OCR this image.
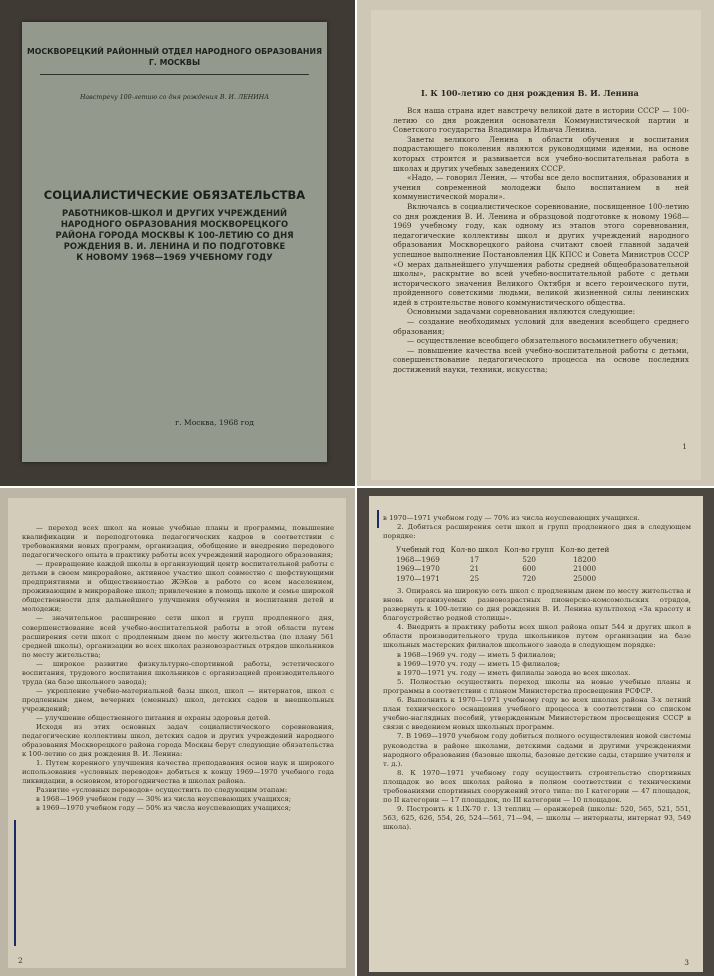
МОСКВОРЕЦКИЙ РАЙОННЫЙ ОТДЕЛ НАРОДНОГО ОБРАЗОВАНИЯ
Г. МОСКВЫ
Навстречу 100-летию со дня рождения В. И. ЛЕНИНА
СОЦИАЛИСТИЧЕСКИЕ ОБЯЗАТЕЛЬСТВА
РАБОТНИКОВ-ШКОЛ И ДРУГИХ УЧРЕЖДЕНИЙ
НАРОДНОГО ОБРАЗОВАНИЯ МОСКВОРЕЦКОГО
РАЙОНА ГОРОДА МОСКВЫ К 100-ЛЕТИЮ СО ДНЯ
РОЖДЕНИЯ В. И. ЛЕНИНА И ПО ПОДГОТОВКЕ
К НОВОМУ 1968—1969 УЧЕБНОМУ ГОДУ
г. Москва, 1968 год
I. К 100-летию со дня рождения В. И. Ленина

Вся наша страна идет навстречу великой дате в истории СССР — 100-летию со дня рождения основателя Коммунистической партии и Советского государства Владимира Ильича Ленина.

Заветы великого Ленина в области обучения и воспитания подрастающего поколения являются руководящими идеями, на основе которых строится и развивается вся учебно-воспитательная работа в школах и других учебных заведениях СССР.

«Надо, — говорил Ленин, — чтобы все дело воспитания, образования и учения современной молодежи было воспитанием в ней коммунистической морали».

Включаясь в социалистическое соревнование, посвященное 100-летию со дня рождения В. И. Ленина и образцовой подготовке к новому 1968—1969 учебному году, как одному из этапов этого соревнования, педагогические коллективы школ и других учреждений народного образования Москворецкого района считают своей главной задачей успешное выполнение Постановления ЦК КПСС и Совета Министров СССР «О мерах дальнейшего улучшения работы средней общеобразовательной школы», раскрытие во всей учебно-воспитательной работе с детьми исторического значения Великого Октября и всего героического пути, пройденного советскими людьми, великой жизненной силы ленинских идей в строительстве нового коммунистического общества.

Основными задачами соревнования являются следующие:

— создание необходимых условий для введения всеобщего среднего образования;

— осуществление всеобщего обязательного восьмилетнего обучения;

— повышение качества всей учебно-воспитательной работы с детьми, совершенствование педагогического процесса на основе последних достижений науки, техники, искусства;

1

— переход всех школ на новые учебные планы и программы, повышение квалификации и переподготовка педагогических кадров в соответствии с требованиями новых программ, организация, обобщение и внедрение передового педагогического опыта в практику работы всех учреждений народного образования;

— превращение каждой школы в организующий центр воспитательной работы с детьми в своем микрорайоне, активное участие школ совместно с шефствующими предприятиями и общественностью ЖЭКов в работе со всем населением, проживающим в микрорайоне школ; привлечение в помощь школе и семье широкой общественности для дальнейшего улучшения обучения и воспитания детей и молодежи;

— значительное расширение сети школ и групп продленного дня, совершенствование всей учебно-воспитательной работы в этой области путем расширения сети школ с продленным днем по месту жительства (по плану 561 средней школы), организации во всех школах разновозрастных отрядов школьников по месту жительства;

— широкое развитие физкультурно-спортивной работы, эстетического воспитания, трудового воспитания школьников с организацией производительного труда (на базе школьного завода);

— укрепление учебно-материальной базы школ, школ — интернатов, школ с продленным днем, вечерних (сменных) школ, детских садов и внешкольных учреждений;

— улучшение общественного питания и охраны здоровья детей.

Исходя из этих основных задач социалистического соревнования, педагогические коллективы школ, детских садов и других учреждений народного образования Москворецкого района города Москвы берут следующие обязательства к 100-летию со дня рождения В. И. Ленина:

1. Путем коренного улучшения качества преподавания основ наук и широкого использования «условных переводов» добиться к концу 1969—1970 учебного года ликвидации, в основном, второгодничества в школах района.

Развитие «условных переводов» осуществить по следующим этапам:

в 1968—1969 учебном году — 30% из числа неуспевающих учащихся;

в 1969—1970 учебном году — 50% из числа неуспевающих учащихся;

2

в 1970—1971 учебном году — 70% из числа неуспевающих учащихся.

2. Добиться расширения сети школ и групп продленного дня в следующем порядке:

Учебный год	Кол-во школ	Кол-во групп	Кол-во детей
1968—1969	17	520	18200
1969—1970	21	600	21000
1970—1971	25	720	25000

3. Опираясь на широкую сеть школ с продленным днем по месту жительства и вновь организуемых разновозрастных пионерско-комсомольских отрядов, развернуть к 100-летию со дня рождения В. И. Ленина культпоход «За красоту и благоустройство родной столицы».

4. Внедрить в практику работы всех школ района опыт 544 и других школ в области производительного труда школьников путем организации на базе школьных мастерских филиалов школьного завода в следующем порядке:

в 1968—1969 уч. году — иметь 5 филиалов;

в 1969—1970 уч. году — иметь 15 филиалов;

в 1970—1971 уч. году — иметь филиалы завода во всех школах.

5. Полностью осуществить переход школы на новые учебные планы и программы в соответствии с планом Министерства просвещения РСФСР.

6. Выполнить к 1970—1971 учебному году во всех школах района 3-х летний план технического оснащения учебного процесса в соответствии со списком учебно-наглядных пособий, утвержденным Министерством просвещения СССР в связи с введением новых школьных программ.

7. В 1969—1970 учебном году добиться полного осуществления новой системы руководства в районе школами, детскими садами и другими учреждениями народного образования (базовые школы, базовые детские сады, старшие учителя и т. д.).

8. К 1970—1971 учебному году осуществить строительство спортивных площадок во всех школах района в полном соответствии с техническими требованиями спортивных сооружений этого типа: по I категории — 47 площадок, по II категории — 17 площадок, по III категории — 10 площадок.

9. Построить к 1.IX-70 г. 13 теплиц — оранжерей (школы: 520, 565, 521, 551, 563, 625, 626, 554, 26, 524—561, 71—94, — школы — интернаты, интернат 93, 549 школа).

3
